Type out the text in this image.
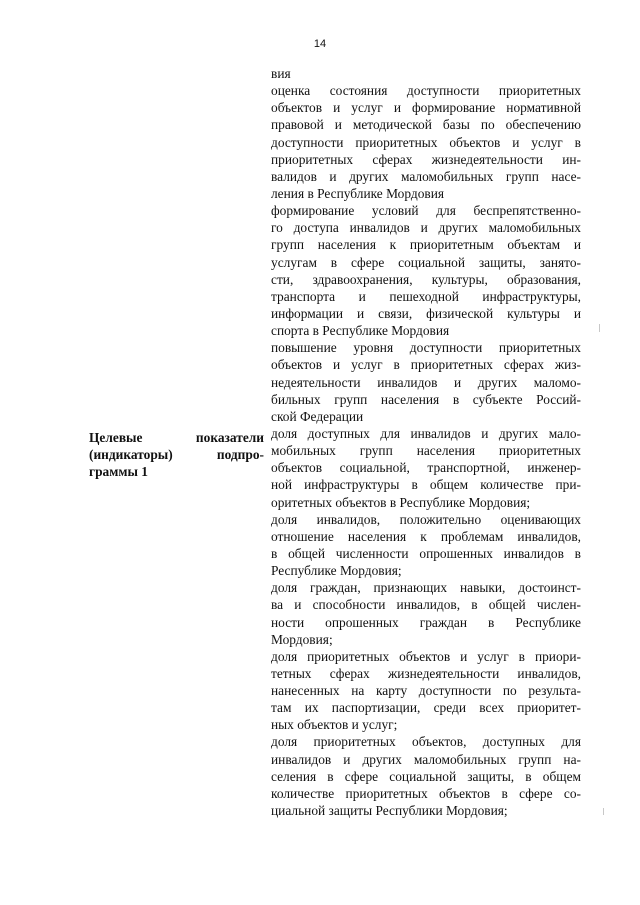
14
Целевые показатели
(индикаторы) подпро-
граммы 1

вия

оценка состояния доступности приоритетных
объектов и услуг и формирование нормативной
правовой и методической базы по обеспечению
доступности приоритетных объектов и услуг в
приоритетных сферах жизнедеятельности ин-
валидов и других маломобильных групп насе-
ления в Республике Мордовия

формирование условий для беспрепятственно-
го доступа инвалидов и других маломобильных
групп населения к приоритетным объектам и
услугам в сфере социальной защиты, занято-
сти, здравоохранения, культуры, образования,
транспорта и пешеходной инфраструктуры,
информации и связи, физической культуры и
спорта в Республике Мордовия

повышение уровня доступности приоритетных
объектов и услуг в приоритетных сферах жиз-
недеятельности инвалидов и других маломо-
бильных групп населения в субъекте Россий-
ской Федерации

доля доступных для инвалидов и других мало-
мобильных групп населения приоритетных
объектов социальной, транспортной, инженер-
ной инфраструктуры в общем количестве при-
оритетных объектов в Республике Мордовия;

доля инвалидов, положительно оценивающих
отношение населения к проблемам инвалидов,
в общей численности опрошенных инвалидов в
Республике Мордовия;

доля граждан, признающих навыки, достоинст-
ва и способности инвалидов, в общей числен-
ности опрошенных граждан в Республике
Мордовия;

доля приоритетных объектов и услуг в приори-
тетных сферах жизнедеятельности инвалидов,
нанесенных на карту доступности по результа-
там их паспортизации, среди всех приоритет-
ных объектов и услуг;

доля приоритетных объектов, доступных для
инвалидов и других маломобильных групп на-
селения в сфере социальной защиты, в общем
количестве приоритетных объектов в сфере со-
циальной защиты Республики Мордовия;
